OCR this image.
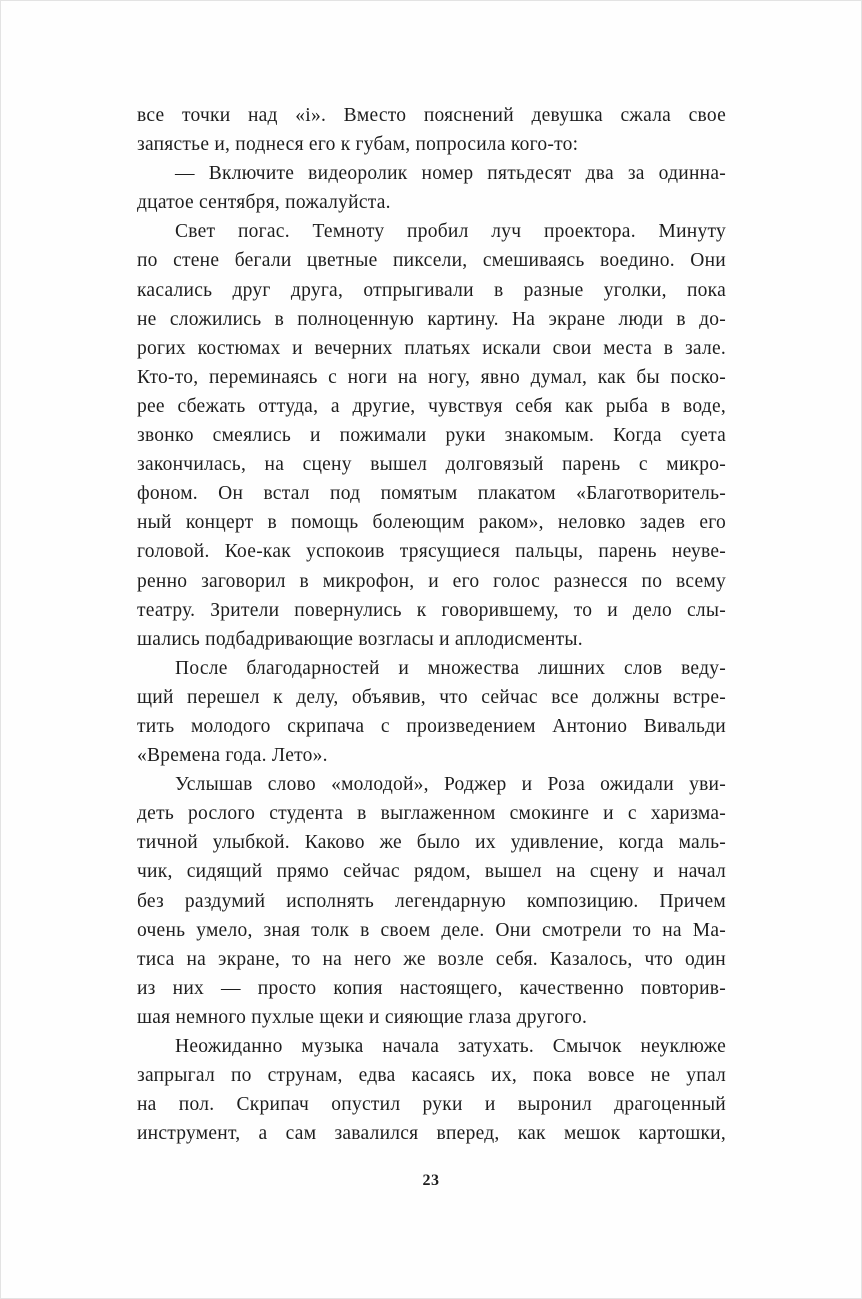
все точки над «i». Вместо пояснений девушка сжала свое
запястье и, поднеся его к губам, попросила кого-то:
— Включите видеоролик номер пятьдесят два за одинна-
дцатое сентября, пожалуйста.
Свет погас. Темноту пробил луч проектора. Минуту
по стене бегали цветные пиксели, смешиваясь воедино. Они
касались друг друга, отпрыгивали в разные уголки, пока
не сложились в полноценную картину. На экране люди в до-
рогих костюмах и вечерних платьях искали свои места в зале.
Кто-то, переминаясь с ноги на ногу, явно думал, как бы поско-
рее сбежать оттуда, а другие, чувствуя себя как рыба в воде,
звонко смеялись и пожимали руки знакомым. Когда суета
закончилась, на сцену вышел долговязый парень с микро-
фоном. Он встал под помятым плакатом «Благотворитель-
ный концерт в помощь болеющим раком», неловко задев его
головой. Кое-как успокоив трясущиеся пальцы, парень неуве-
ренно заговорил в микрофон, и его голос разнесся по всему
театру. Зрители повернулись к говорившему, то и дело слы-
шались подбадривающие возгласы и аплодисменты.
После благодарностей и множества лишних слов веду-
щий перешел к делу, объявив, что сейчас все должны встре-
тить молодого скрипача с произведением Антонио Вивальди
«Времена года. Лето».
Услышав слово «молодой», Роджер и Роза ожидали уви-
деть рослого студента в выглаженном смокинге и с харизма-
тичной улыбкой. Каково же было их удивление, когда маль-
чик, сидящий прямо сейчас рядом, вышел на сцену и начал
без раздумий исполнять легендарную композицию. Причем
очень умело, зная толк в своем деле. Они смотрели то на Ма-
тиса на экране, то на него же возле себя. Казалось, что один
из них — просто копия настоящего, качественно повторив-
шая немного пухлые щеки и сияющие глаза другого.
Неожиданно музыка начала затухать. Смычок неуклюже
запрыгал по струнам, едва касаясь их, пока вовсе не упал
на пол. Скрипач опустил руки и выронил драгоценный
инструмент, а сам завалился вперед, как мешок картошки,
23
